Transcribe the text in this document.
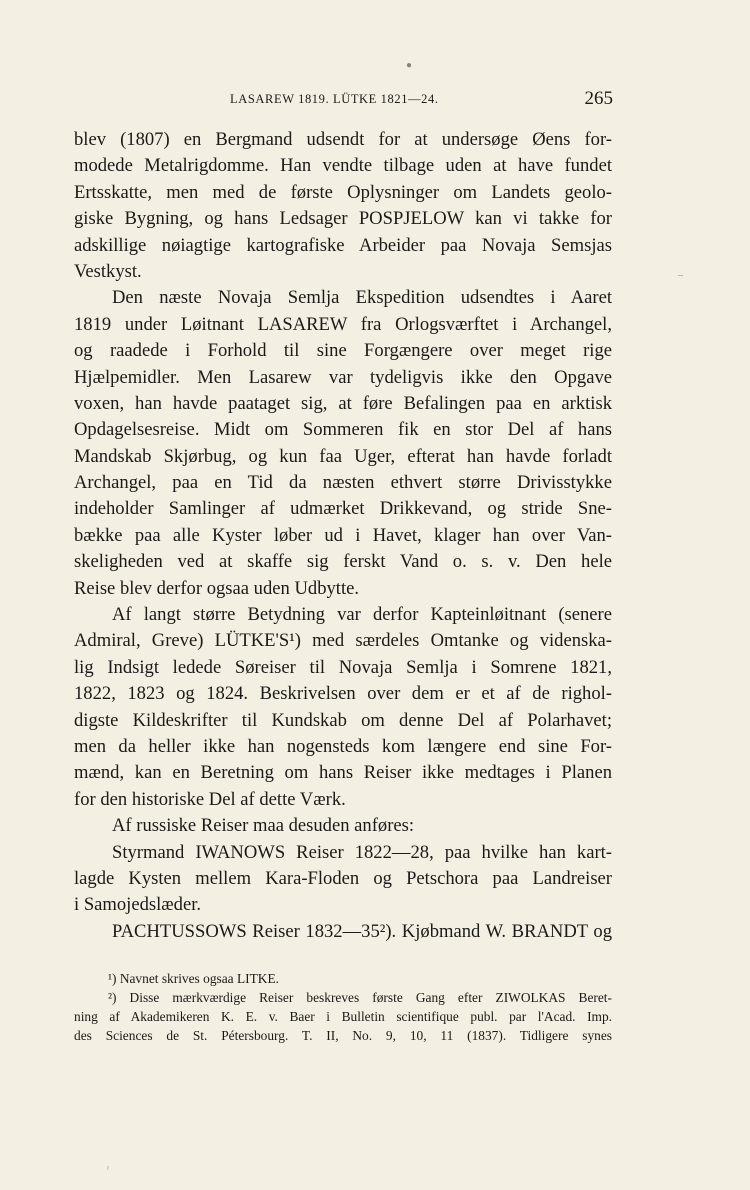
●
–
ʳ
LASAREW 1819. LÜTKE 1821—24.	265
blev (1807) en Bergmand udsendt for at undersøge Øens for-
modede Metalrigdomme. Han vendte tilbage uden at have fundet
Ertsskatte, men med de første Oplysninger om Landets geolo-
giske Bygning, og hans Ledsager POSPJELOW kan vi takke for
adskillige nøiagtige kartografiske Arbeider paa Novaja Semsjas
Vestkyst.
Den næste Novaja Semlja Ekspedition udsendtes i Aaret
1819 under Løitnant LASAREW fra Orlogsværftet i Archangel,
og raadede i Forhold til sine Forgængere over meget rige
Hjælpemidler. Men Lasarew var tydeligvis ikke den Opgave
voxen, han havde paataget sig, at føre Befalingen paa en arktisk
Opdagelsesreise. Midt om Sommeren fik en stor Del af hans
Mandskab Skjørbug, og kun faa Uger, efterat han havde forladt
Archangel, paa en Tid da næsten ethvert større Drivisstykke
indeholder Samlinger af udmærket Drikkevand, og stride Sne-
bække paa alle Kyster løber ud i Havet, klager han over Van-
skeligheden ved at skaffe sig ferskt Vand o. s. v. Den hele
Reise blev derfor ogsaa uden Udbytte.
Af langt større Betydning var derfor Kapteinløitnant (senere
Admiral, Greve) LÜTKE'S¹) med særdeles Omtanke og videnska-
lig Indsigt ledede Søreiser til Novaja Semlja i Somrene 1821,
1822, 1823 og 1824. Beskrivelsen over dem er et af de righol-
digste Kildeskrifter til Kundskab om denne Del af Polarhavet;
men da heller ikke han nogensteds kom længere end sine For-
mænd, kan en Beretning om hans Reiser ikke medtages i Planen
for den historiske Del af dette Værk.
Af russiske Reiser maa desuden anføres:
Styrmand IWANOWS Reiser 1822—28, paa hvilke han kart-
lagde Kysten mellem Kara-Floden og Petschora paa Landreiser
i Samojedslæder.
PACHTUSSOWS Reiser 1832—35²). Kjøbmand W. BRANDT og
¹) Navnet skrives ogsaa LITKE.
²) Disse mærkværdige Reiser beskreves første Gang efter ZIWOLKAS Beret-
ning af Akademikeren K. E. v. Baer i Bulletin scientifique publ. par l'Acad. Imp.
des Sciences de St. Pétersbourg. T. II, No. 9, 10, 11 (1837). Tidligere synes
